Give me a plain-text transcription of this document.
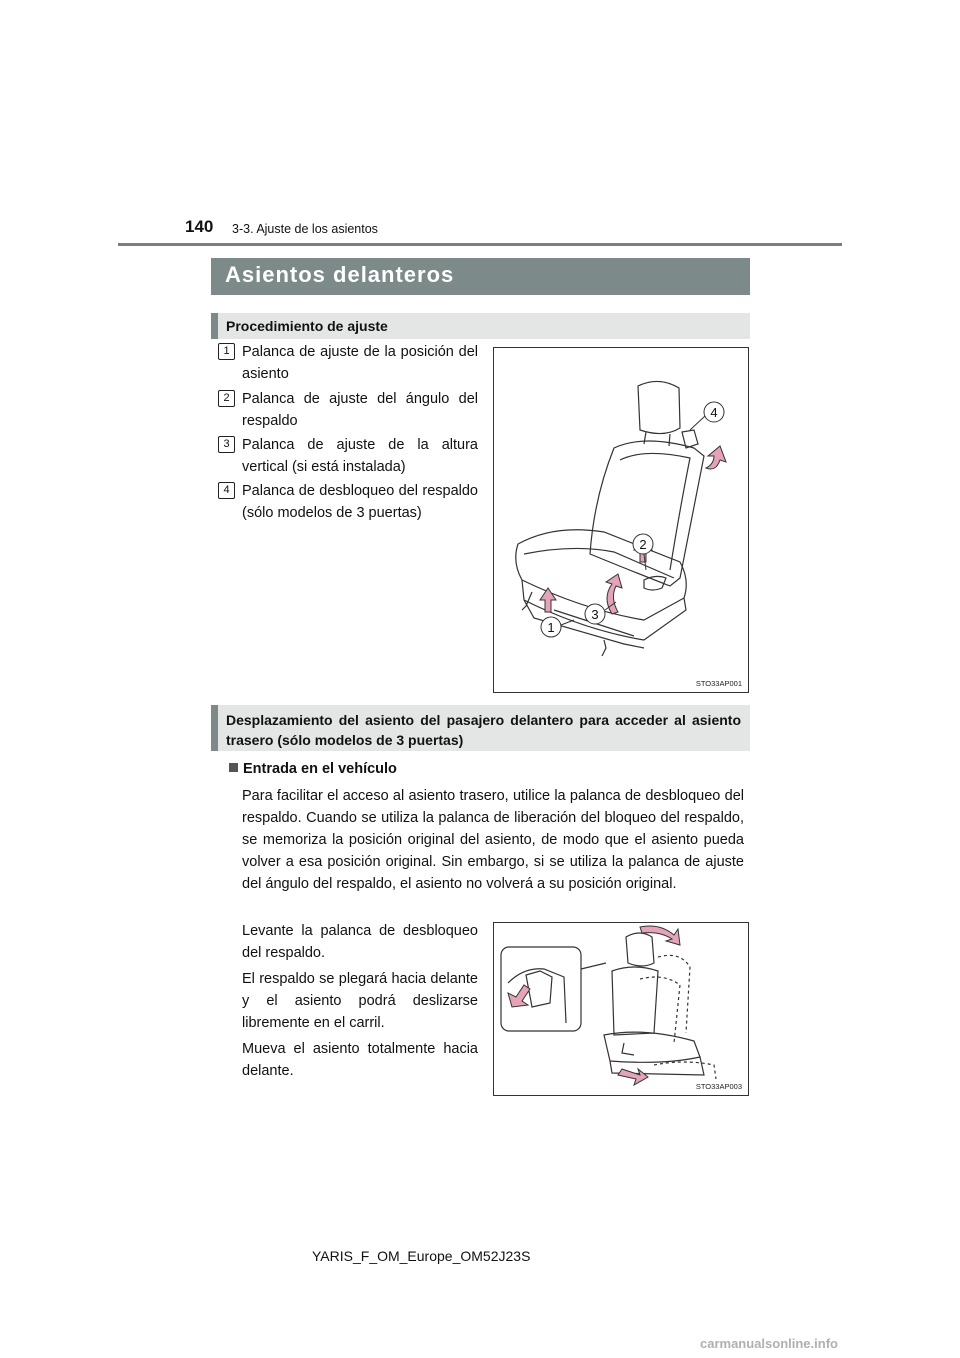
140 3-3. Ajuste de los asientos
Asientos delanteros
Procedimiento de ajuste
1 Palanca de ajuste de la posición del asiento
2 Palanca de ajuste del ángulo del respaldo
3 Palanca de ajuste de la altura vertical (si está instalada)
4 Palanca de desbloqueo del respaldo (sólo modelos de 3 puertas)
4
2
3
1
STO33AP001
Desplazamiento del asiento del pasajero delantero para acceder al asiento trasero (sólo modelos de 3 puertas)
Entrada en el vehículo
Para facilitar el acceso al asiento trasero, utilice la palanca de desbloqueo del respaldo. Cuando se utiliza la palanca de liberación del bloqueo del respaldo, se memoriza la posición original del asiento, de modo que el asiento pueda volver a esa posición original. Sin embargo, si se utiliza la palanca de ajuste del ángulo del respaldo, el asiento no volverá a su posición original.

Levante la palanca de desbloqueo del respaldo.

El respaldo se plegará hacia delante y el asiento podrá deslizarse libremente en el carril.

Mueva el asiento totalmente hacia delante.

STO33AP003
YARIS_F_OM_Europe_OM52J23S
carmanualsonline.info
